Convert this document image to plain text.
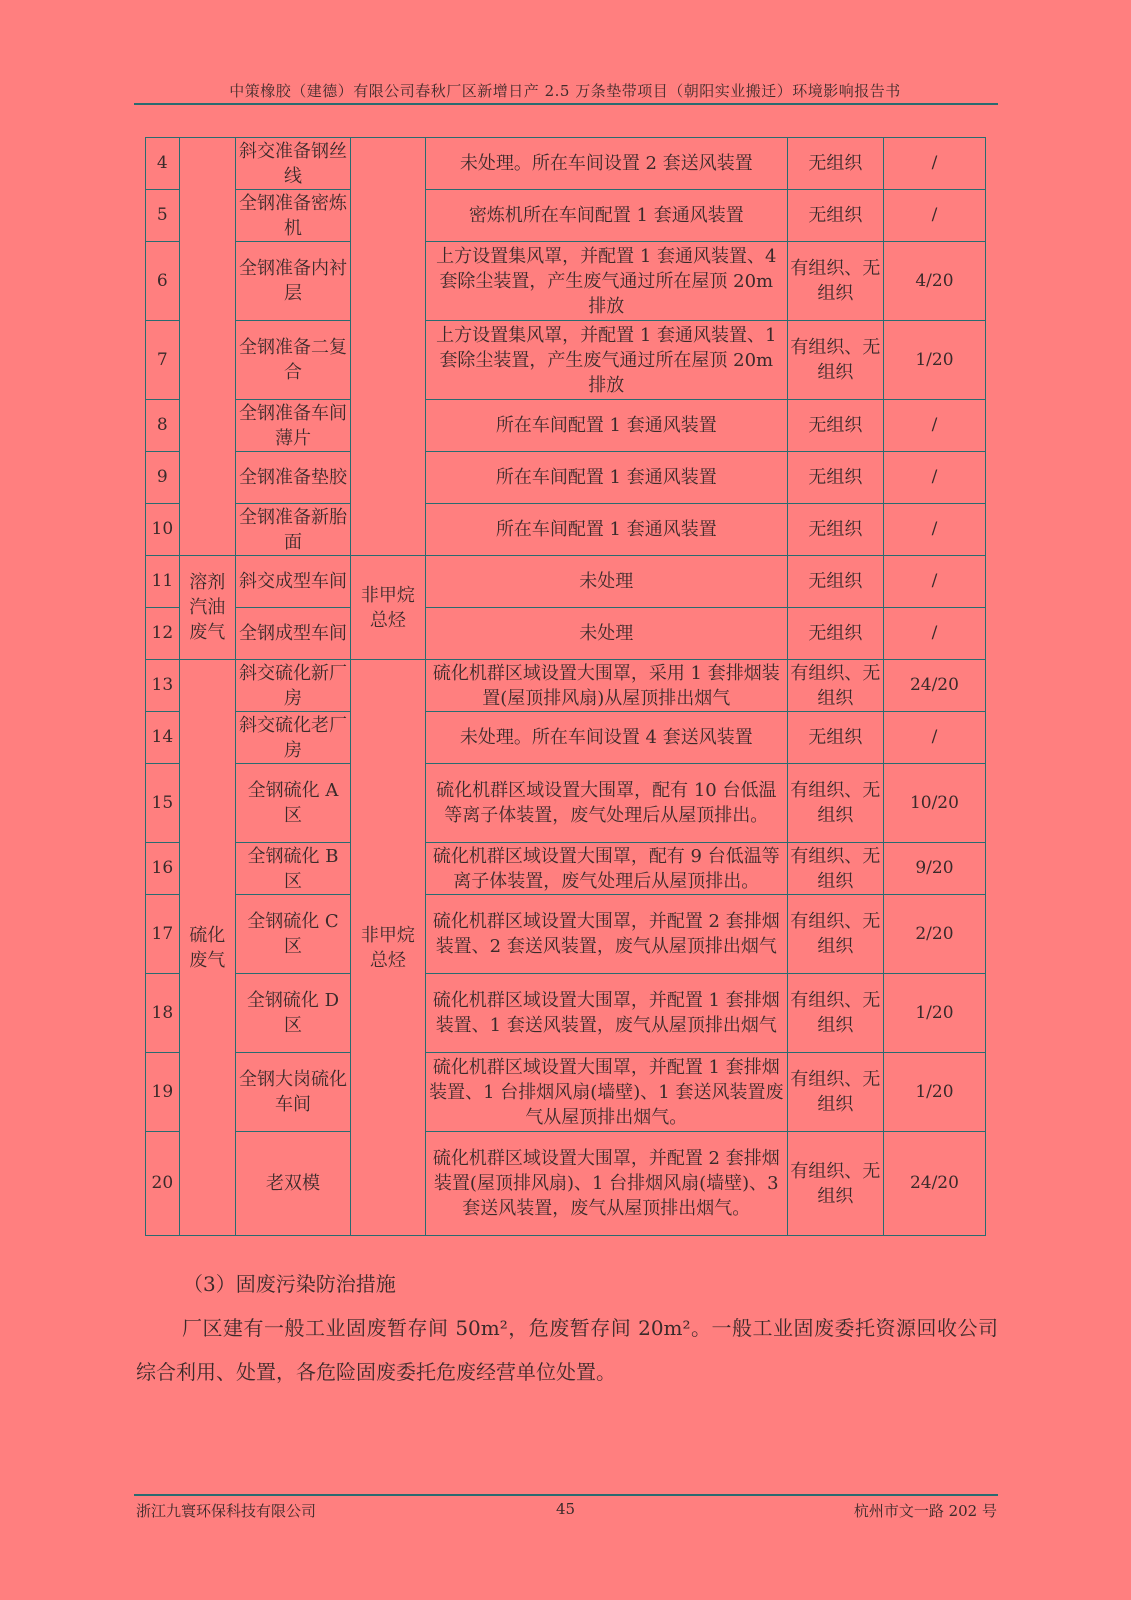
中策橡胶（建德）有限公司春秋厂区新增日产 2.5 万条垫带项目（朝阳实业搬迁）环境影响报告书
4		斜交准备钢丝线		未处理。所在车间设置 2 套送风装置	无组织	/
5		全钢准备密炼机		密炼机所在车间配置 1 套通风装置	无组织	/
6		全钢准备内衬层		上方设置集风罩，并配置 1 套通风装置、4 套除尘装置，产生废气通过所在屋顶 20m 排放	有组织、无组织	4/20
7		全钢准备二复合		上方设置集风罩，并配置 1 套通风装置、1 套除尘装置，产生废气通过所在屋顶 20m 排放	有组织、无组织	1/20
8		全钢准备车间薄片		所在车间配置 1 套通风装置	无组织	/
9		全钢准备垫胶		所在车间配置 1 套通风装置	无组织	/
10		全钢准备新胎面		所在车间配置 1 套通风装置	无组织	/
11	溶剂汽油废气	斜交成型车间	非甲烷总烃	未处理	无组织	/
12		全钢成型车间		未处理	无组织	/
13	硫化废气	斜交硫化新厂房	非甲烷总烃	硫化机群区域设置大围罩，采用 1 套排烟装置(屋顶排风扇)从屋顶排出烟气	有组织、无组织	24/20
14		斜交硫化老厂房		未处理。所在车间设置 4 套送风装置	无组织	/
15		全钢硫化 A 区		硫化机群区域设置大围罩，配有 10 台低温等离子体装置，废气处理后从屋顶排出。	有组织、无组织	10/20
16		全钢硫化 B 区		硫化机群区域设置大围罩，配有 9 台低温等离子体装置，废气处理后从屋顶排出。	有组织、无组织	9/20
17		全钢硫化 C 区		硫化机群区域设置大围罩，并配置 2 套排烟装置、2 套送风装置，废气从屋顶排出烟气	有组织、无组织	2/20
18		全钢硫化 D 区		硫化机群区域设置大围罩，并配置 1 套排烟装置、1 套送风装置，废气从屋顶排出烟气	有组织、无组织	1/20
19		全钢大岗硫化车间		硫化机群区域设置大围罩，并配置 1 套排烟装置、1 台排烟风扇(墙壁)、1 套送风装置废气从屋顶排出烟气。	有组织、无组织	1/20
20		老双模		硫化机群区域设置大围罩，并配置 2 套排烟装置(屋顶排风扇)、1 台排烟风扇(墙壁)、3 套送风装置，废气从屋顶排出烟气。	有组织、无组织	24/20
（3）固废污染防治措施
厂区建有一般工业固废暂存间 50m²，危废暂存间 20m²。一般工业固废委托资源回收公司综合利用、处置，各危险固废委托危废经营单位处置。
浙江九寰环保科技有限公司	45	杭州市文一路 202 号
